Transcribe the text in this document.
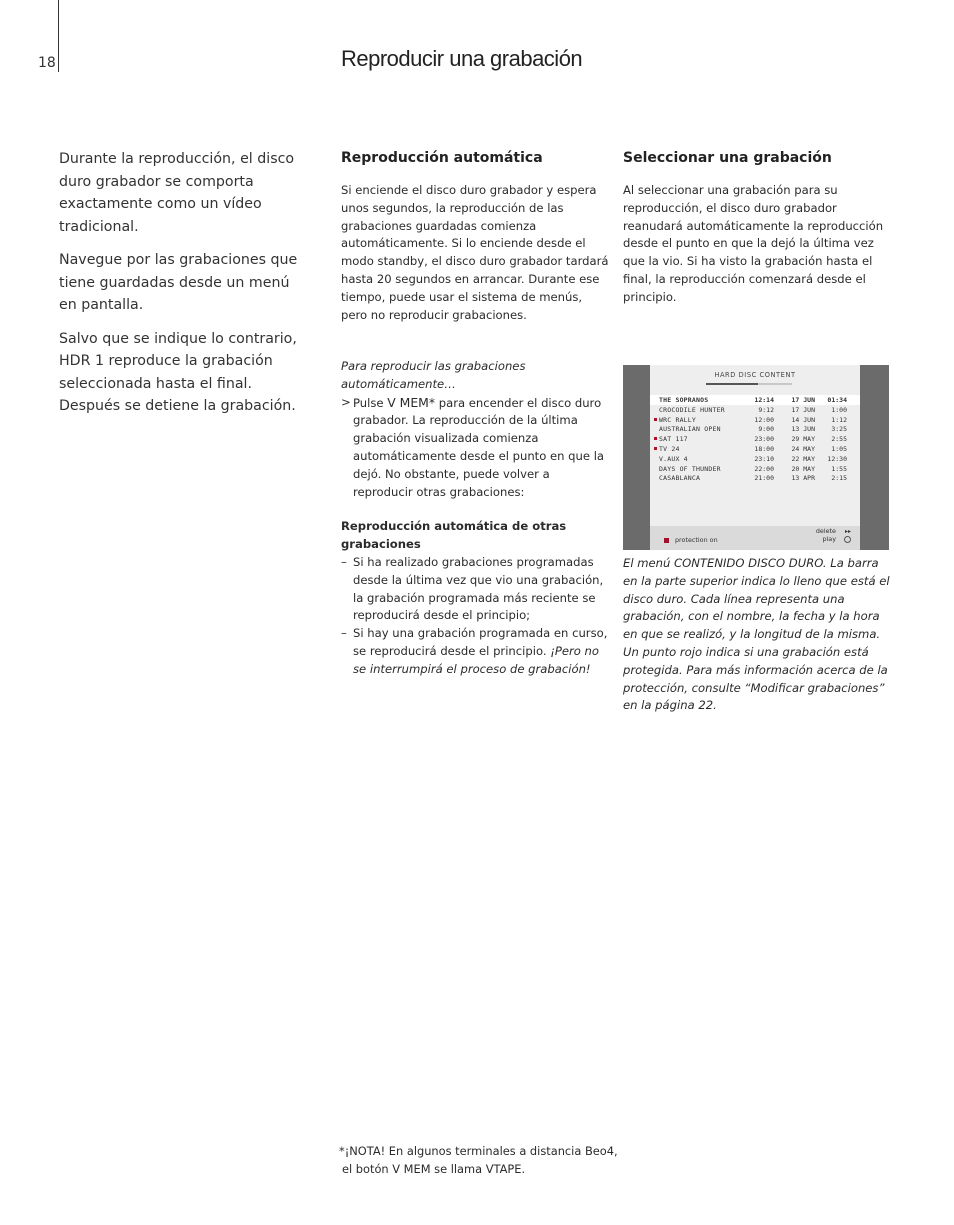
18	Reproducir una grabación

Durante la reproducción, el disco duro grabador se comporta exactamente como un vídeo tradicional.

Navegue por las grabaciones que tiene guardadas desde un menú en pantalla.

Salvo que se indique lo contrario, HDR 1 reproduce la grabación seleccionada hasta el final. Después se detiene la grabación.

Reproducción automática

Si enciende el disco duro grabador y espera unos segundos, la reproducción de las grabaciones guardadas comienza automáticamente. Si lo enciende desde el modo standby, el disco duro grabador tardará hasta 20 segundos en arrancar. Durante ese tiempo, puede usar el sistema de menús, pero no reproducir grabaciones.

Para reproducir las grabaciones automáticamente…

> Pulse V MEM* para encender el disco duro grabador. La reproducción de la última grabación visualizada comienza automáticamente desde el punto en que la dejó. No obstante, puede volver a reproducir otras grabaciones:

Reproducción automática de otras grabaciones

– Si ha realizado grabaciones programadas desde la última vez que vio una grabación, la grabación programada más reciente se reproducirá desde el principio;
– Si hay una grabación programada en curso, se reproducirá desde el principio. ¡Pero no se interrumpirá el proceso de grabación!
Seleccionar una grabación

Al seleccionar una grabación para su reproducción, el disco duro grabador reanudará automáticamente la reproducción desde el punto en que la dejó la última vez que la vio. Si ha visto la grabación hasta el final, la reproducción comenzará desde el principio.

HARD DISC CONTENT
THE SOPRANOS	12:14	17 JUN 01:34
CROCODILE HUNTER	9:12	17 JUN	1:00
WRC RALLY	12:00	14 JUN	1:12
AUSTRALIAN OPEN	9:00	13 JUN	3:25
SAT 117	23:00	29 MAY	2:55
TV 24	18:00	24 MAY	1:05
V.AUX 4	23:10	22 MAY 12:30
DAYS OF THUNDER	22:00	20 MAY	1:55
CASABLANCA	21:00	13 APR	2:15
protection on
delete
play
▸▸
El menú CONTENIDO DISCO DURO. La barra en la parte superior indica lo lleno que está el disco duro. Cada línea representa una grabación, con el nombre, la fecha y la hora en que se realizó, y la longitud de la misma. Un punto rojo indica si una grabación está protegida. Para más información acerca de la protección, consulte “Modificar grabaciones” en la página 22.
*¡NOTA! En algunos terminales a distancia Beo4,
el botón V MEM se llama VTAPE.
